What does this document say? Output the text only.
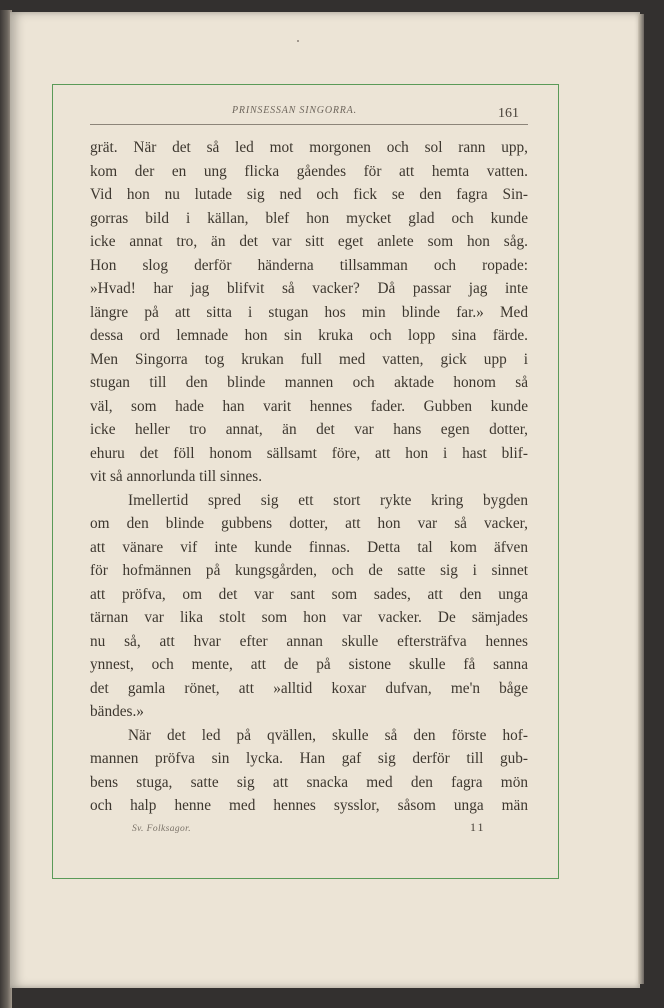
PRINSESSAN SINGORRA.	161
grät. När det så led mot morgonen och sol rann upp,
kom der en ung flicka gåendes för att hemta vatten.
Vid hon nu lutade sig ned och fick se den fagra Sin-
gorras bild i källan, blef hon mycket glad och kunde
icke annat tro, än det var sitt eget anlete som hon såg.
Hon slog derför händerna tillsamman och ropade:
»Hvad! har jag blifvit så vacker? Då passar jag inte
längre på att sitta i stugan hos min blinde far.» Med
dessa ord lemnade hon sin kruka och lopp sina färde.
Men Singorra tog krukan full med vatten, gick upp i
stugan till den blinde mannen och aktade honom så
väl, som hade han varit hennes fader. Gubben kunde
icke heller tro annat, än det var hans egen dotter,
ehuru det föll honom sällsamt före, att hon i hast blif-
vit så annorlunda till sinnes.
Imellertid spred sig ett stort rykte kring bygden
om den blinde gubbens dotter, att hon var så vacker,
att vänare vif inte kunde finnas. Detta tal kom äfven
för hofmännen på kungsgården, och de satte sig i sinnet
att pröfva, om det var sant som sades, att den unga
tärnan var lika stolt som hon var vacker. De sämjades
nu så, att hvar efter annan skulle eftersträfva hennes
ynnest, och mente, att de på sistone skulle få sanna
det gamla rönet, att »alltid koxar dufvan, me'n båge
bändes.»
När det led på qvällen, skulle så den förste hof-
mannen pröfva sin lycka. Han gaf sig derför till gub-
bens stuga, satte sig att snacka med den fagra mön
och halp henne med hennes sysslor, såsom unga män
Sv. Folksagor.	11
